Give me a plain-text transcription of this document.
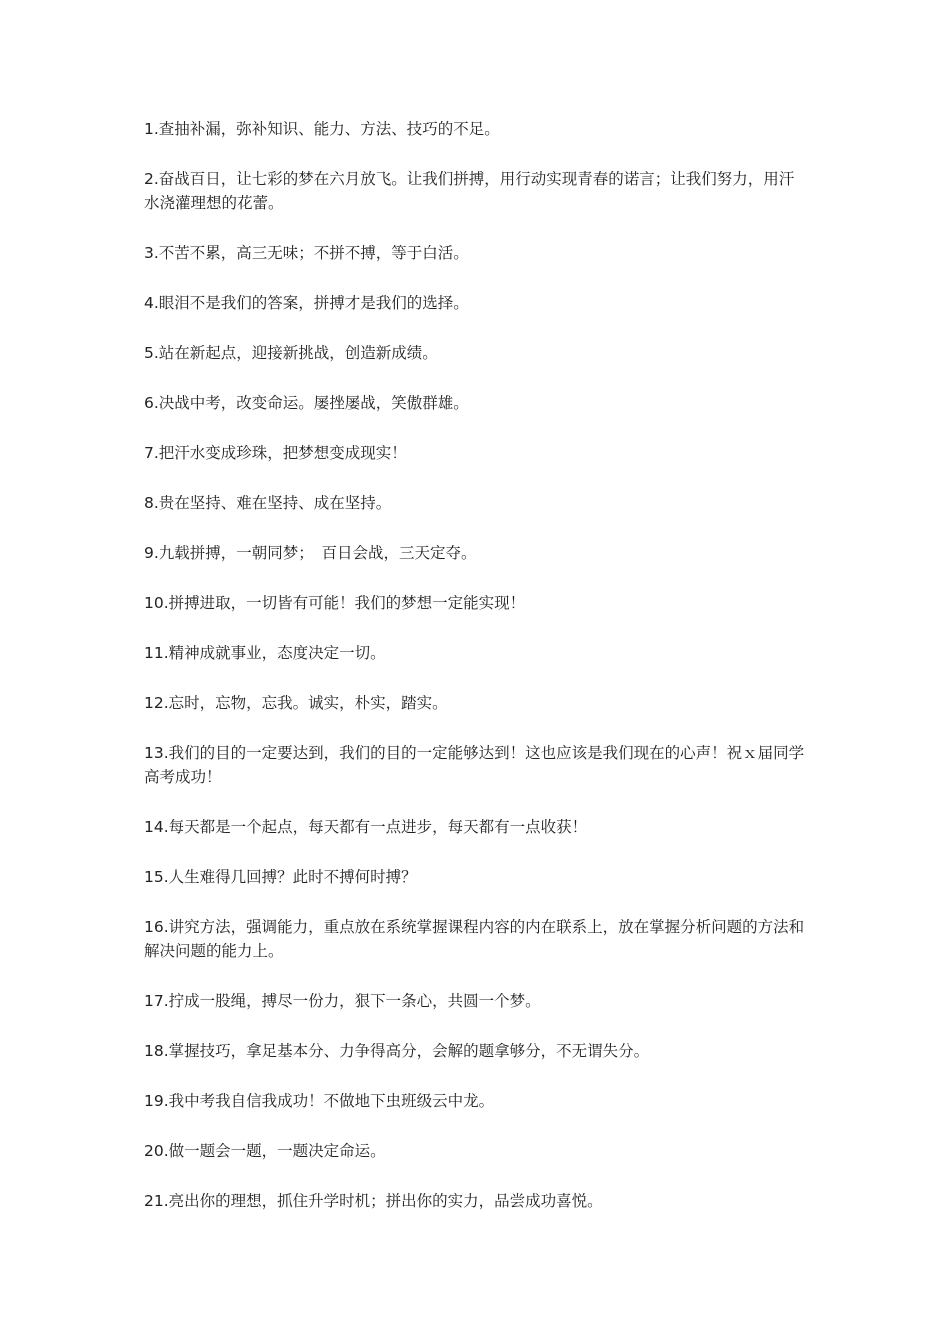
1.查抽补漏，弥补知识、能力、方法、技巧的不足。

2.奋战百日，让七彩的梦在六月放飞。让我们拼搏，用行动实现青春的诺言；让我们努力，用汗水浇灌理想的花蕾。

3.不苦不累，高三无味；不拼不搏，等于白活。

4.眼泪不是我们的答案，拼搏才是我们的选择。

5.站在新起点，迎接新挑战，创造新成绩。

6.决战中考，改变命运。屡挫屡战，笑傲群雄。

7.把汗水变成珍珠，把梦想变成现实！

8.贵在坚持、难在坚持、成在坚持。

9.九载拼搏，一朝同梦；　百日会战，三天定夺。

10.拼搏进取，一切皆有可能！我们的梦想一定能实现！

11.精神成就事业，态度决定一切。

12.忘时，忘物，忘我。诚实，朴实，踏实。

13.我们的目的一定要达到，我们的目的一定能够达到！这也应该是我们现在的心声！祝ｘ届同学高考成功！

14.每天都是一个起点，每天都有一点进步，每天都有一点收获！

15.人生难得几回搏？此时不搏何时搏？

16.讲究方法，强调能力，重点放在系统掌握课程内容的内在联系上，放在掌握分析问题的方法和解决问题的能力上。

17.拧成一股绳，搏尽一份力，狠下一条心，共圆一个梦。

18.掌握技巧，拿足基本分、力争得高分，会解的题拿够分，不无谓失分。

19.我中考我自信我成功！不做地下虫班级云中龙。

20.做一题会一题，一题决定命运。

21.亮出你的理想，抓住升学时机；拼出你的实力，品尝成功喜悦。
